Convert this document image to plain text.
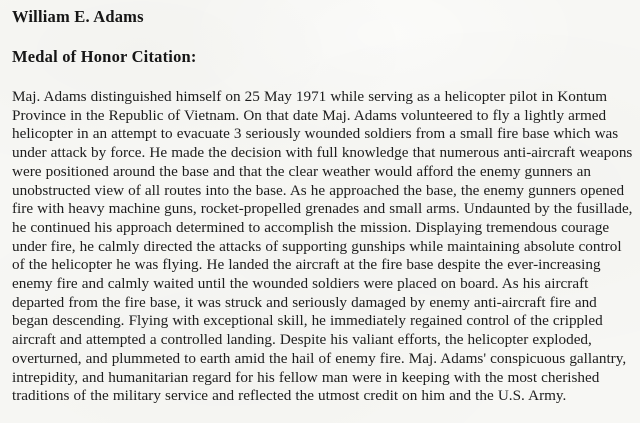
William E. Adams
Medal of Honor Citation:

Maj. Adams distinguished himself on 25 May 1971 while serving as a helicopter pilot in Kontum Province in the Republic of Vietnam. On that date Maj. Adams volunteered to fly a lightly armed helicopter in an attempt to evacuate 3 seriously wounded soldiers from a small fire base which was under attack by force. He made the decision with full knowledge that numerous anti-aircraft weapons were positioned around the base and that the clear weather would afford the enemy gunners an unobstructed view of all routes into the base. As he approached the base, the enemy gunners opened fire with heavy machine guns, rocket-propelled grenades and small arms. Undaunted by the fusillade, he continued his approach determined to accomplish the mission. Displaying tremendous courage under fire, he calmly directed the attacks of supporting gunships while maintaining absolute control of the helicopter he was flying. He landed the aircraft at the fire base despite the ever-increasing enemy fire and calmly waited until the wounded soldiers were placed on board. As his aircraft departed from the fire base, it was struck and seriously damaged by enemy anti-aircraft fire and began descending. Flying with exceptional skill, he immediately regained control of the crippled aircraft and attempted a controlled landing. Despite his valiant efforts, the helicopter exploded, overturned, and plummeted to earth amid the hail of enemy fire. Maj. Adams' conspicuous gallantry, intrepidity, and humanitarian regard for his fellow man were in keeping with the most cherished traditions of the military service and reflected the utmost credit on him and the U.S. Army.
